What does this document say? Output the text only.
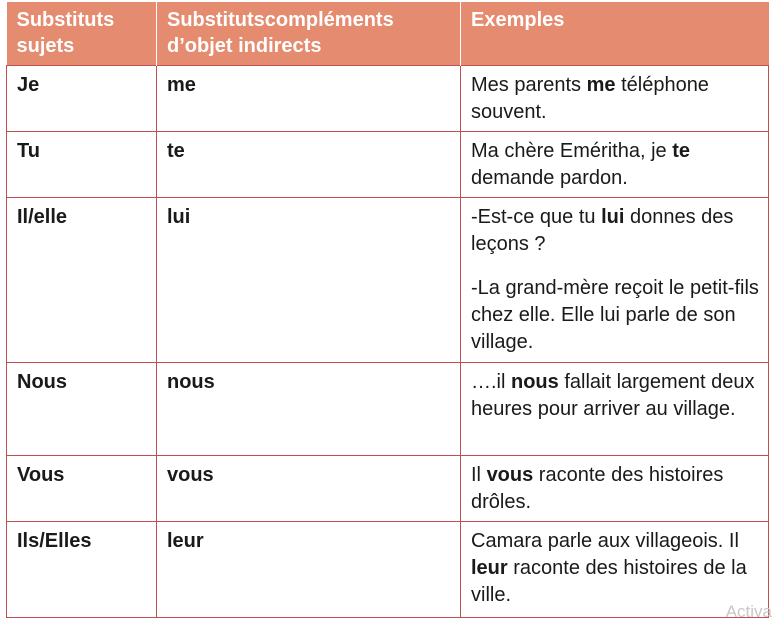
Substituts sujets	Substitutscompléments d’objet indirects	Exemples
Je	me	Mes parents me téléphone souvent.

Tu	te	Ma chère Eméritha, je te demande pardon.

Il/elle	lui	-Est-ce que tu lui donnes des leçons ?

-La grand-mère reçoit le petit-fils chez elle. Elle lui parle de son village.

Nous	nous	….il nous fallait largement deux heures pour arriver au village.

Vous	vous	Il vous raconte des histoires drôles.

Ils/Elles	leur	Camara parle aux villageois. Il leur raconte des histoires de la ville.

Activa
